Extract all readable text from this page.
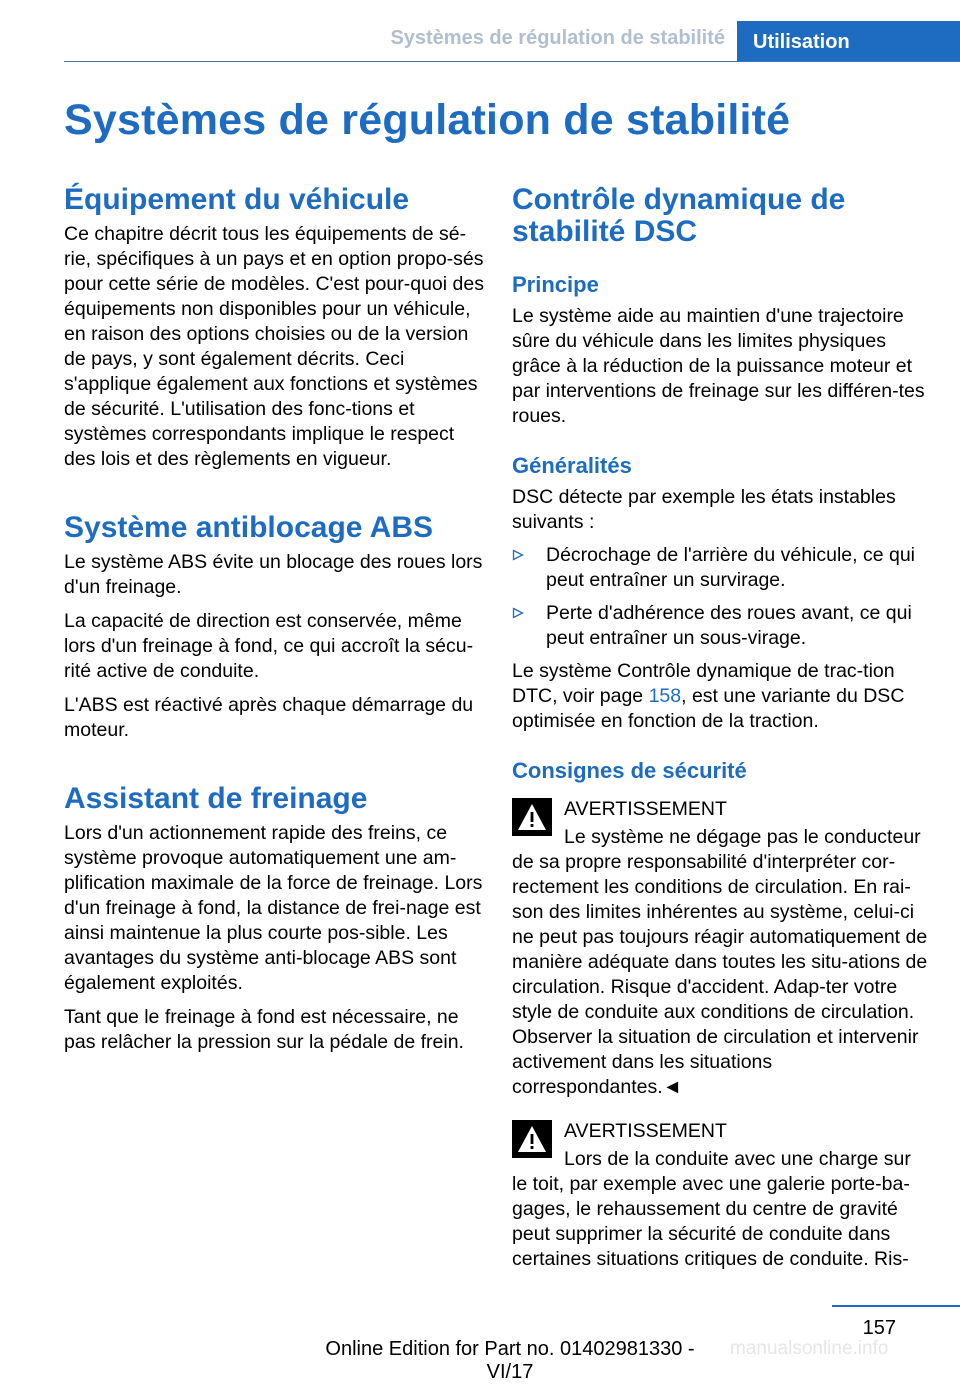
Systèmes de régulation de stabilité Utilisation
Systèmes de régulation de stabilité
Équipement du véhicule

Ce chapitre décrit tous les équipements de sé‐rie, spécifiques à un pays et en option propo‐sés pour cette série de modèles. C'est pour‐quoi des équipements non disponibles pour un véhicule, en raison des options choisies ou de la version de pays, y sont également décrits. Ceci s'applique également aux fonctions et systèmes de sécurité. L'utilisation des fonc‐tions et systèmes correspondants implique le respect des lois et des règlements en vigueur.

Système antiblocage ABS

Le système ABS évite un blocage des roues lors d'un freinage.

La capacité de direction est conservée, même lors d'un freinage à fond, ce qui accroît la sécu‐rité active de conduite.

L'ABS est réactivé après chaque démarrage du moteur.

Assistant de freinage

Lors d'un actionnement rapide des freins, ce système provoque automatiquement une am‐plification maximale de la force de freinage. Lors d'un freinage à fond, la distance de frei‐nage est ainsi maintenue la plus courte pos‐sible. Les avantages du système anti-blocage ABS sont également exploités.

Tant que le freinage à fond est nécessaire, ne pas relâcher la pression sur la pédale de frein.

Contrôle dynamique de stabilité DSC
Principe

Le système aide au maintien d'une trajectoire sûre du véhicule dans les limites physiques grâce à la réduction de la puissance moteur et par interventions de freinage sur les différen‐tes roues.

Généralités

DSC détecte par exemple les états instables suivants :

Décrochage de l'arrière du véhicule, ce qui peut entraîner un survirage.
Perte d'adhérence des roues avant, ce qui peut entraîner un sous-virage.

Le système Contrôle dynamique de trac‐tion DTC, voir page 158, est une variante du DSC optimisée en fonction de la traction.

Consignes de sécurité

AVERTISSEMENT

Le système ne dégage pas le conducteur

de sa propre responsabilité d'interpréter cor‐rectement les conditions de circulation. En rai‐son des limites inhérentes au système, celui-ci ne peut pas toujours réagir automatiquement de manière adéquate dans toutes les situ‐ations de circulation. Risque d'accident. Adap‐ter votre style de conduite aux conditions de circulation. Observer la situation de circulation et intervenir activement dans les situations correspondantes.◄

AVERTISSEMENT

Lors de la conduite avec une charge sur

le toit, par exemple avec une galerie porte-ba‐gages, le rehaussement du centre de gravité peut supprimer la sécurité de conduite dans certaines situations critiques de conduite. Ris‐

157
manualsonline.info
Online Edition for Part no. 01402981330 - VI/17
